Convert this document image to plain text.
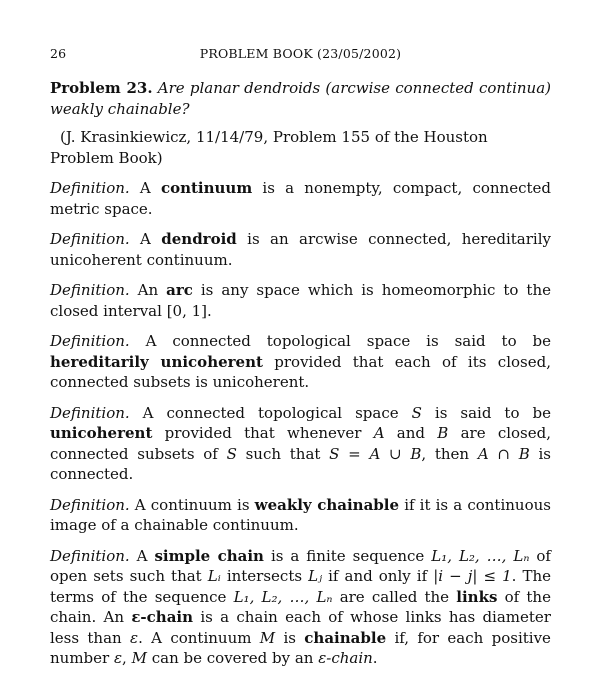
26	PROBLEM BOOK (23/05/2002)
Problem 23. Are planar dendroids (arcwise connected continua) weakly chainable?
(J. Krasinkiewicz, 11/14/79, Problem 155 of the Houston Problem Book)
Definition. A continuum is a nonempty, compact, connected metric space.
Definition. A dendroid is an arcwise connected, hereditarily unicoherent continuum.
Definition. An arc is any space which is homeomorphic to the closed interval [0, 1].
Definition. A connected topological space is said to be hereditarily unicoherent provided that each of its closed, connected subsets is unicoherent.
Definition. A connected topological space S is said to be unicoherent provided that whenever A and B are closed, connected subsets of S such that S = A ∪ B, then A ∩ B is connected.
Definition. A continuum is weakly chainable if it is a continuous image of a chainable continuum.
Definition. A simple chain is a finite sequence L₁, L₂, …, Lₙ of open sets such that Lᵢ intersects Lⱼ if and only if |i − j| ≤ 1. The terms of the sequence L₁, L₂, …, Lₙ are called the links of the chain. An ε-chain is a chain each of whose links has diameter less than ε. A continuum M is chainable if, for each positive number ε, M can be covered by an ε-chain.
